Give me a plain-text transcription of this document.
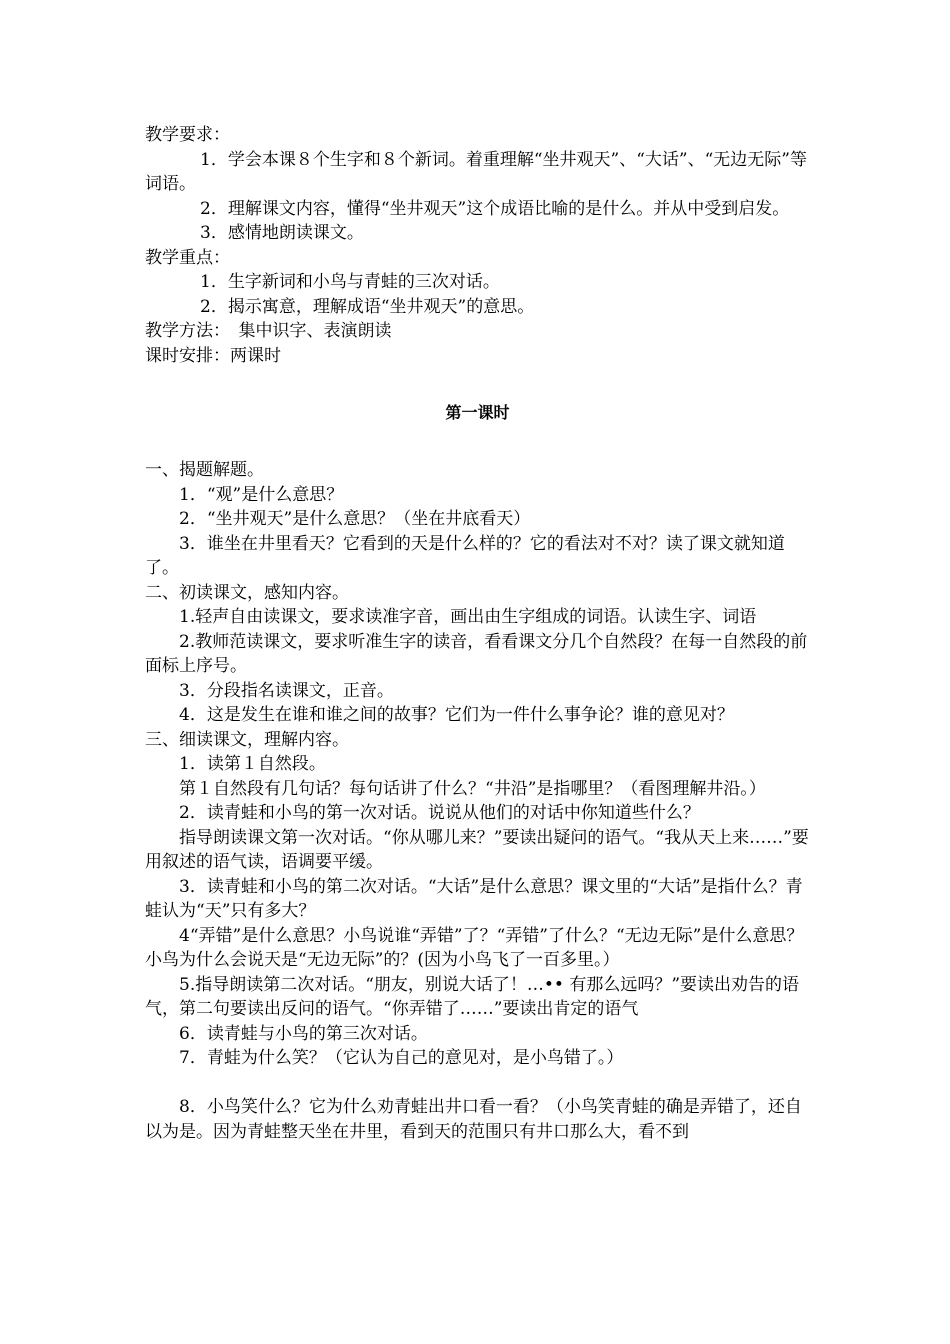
教学要求：

1．学会本课８个生字和８个新词。着重理解“坐井观天”、“大话”、“无边无际”等词语。

2．理解课文内容，懂得“坐井观天”这个成语比喻的是什么。并从中受到启发。

3．感情地朗读课文。

教学重点：

1．生字新词和小鸟与青蛙的三次对话。

2．揭示寓意，理解成语“坐井观天”的意思。

教学方法：　集中识字、表演朗读

课时安排：两课时

第一课时

一、揭题解题。

1．“观”是什么意思？

2．“坐井观天”是什么意思？（坐在井底看天）

3．谁坐在井里看天？它看到的天是什么样的？它的看法对不对？读了课文就知道了。

二、初读课文，感知内容。

1.轻声自由读课文，要求读准字音，画出由生字组成的词语。认读生字、词语

2.教师范读课文，要求听准生字的读音，看看课文分几个自然段？在每一自然段的前面标上序号。

3．分段指名读课文，正音。

4．这是发生在谁和谁之间的故事？它们为一件什么事争论？谁的意见对？

三、细读课文，理解内容。

1．读第１自然段。

第１自然段有几句话？每句话讲了什么？“井沿”是指哪里？（看图理解井沿。）

2．读青蛙和小鸟的第一次对话。说说从他们的对话中你知道些什么？

指导朗读课文第一次对话。“你从哪儿来？”要读出疑问的语气。“我从天上来……”要用叙述的语气读，语调要平缓。

3．读青蛙和小鸟的第二次对话。“大话”是什么意思？课文里的“大话”是指什么？青蛙认为“天”只有多大？

4“弄错”是什么意思？小鸟说谁“弄错”了？“弄错”了什么？“无边无际”是什么意思？小鸟为什么会说天是“无边无际”的？(因为小鸟飞了一百多里。）

5.指导朗读第二次对话。“朋友，别说大话了！…•• 有那么远吗？”要读出劝告的语气，第二句要读出反问的语气。“你弄错了……”要读出肯定的语气

6．读青蛙与小鸟的第三次对话。

7．青蛙为什么笑？（它认为自己的意见对，是小鸟错了。）

8．小鸟笑什么？它为什么劝青蛙出井口看一看？（小鸟笑青蛙的确是弄错了，还自以为是。因为青蛙整天坐在井里，看到天的范围只有井口那么大，看不到
